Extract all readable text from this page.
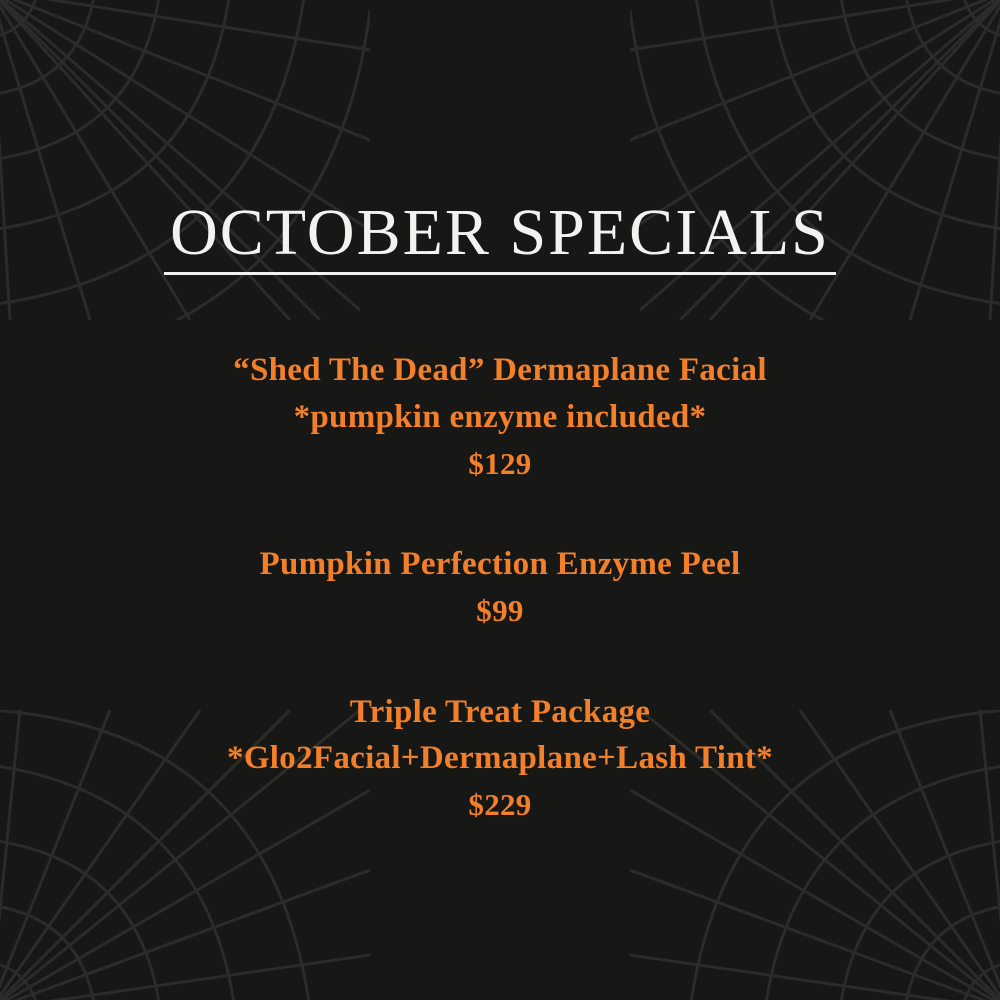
OCTOBER SPECIALS
“Shed The Dead” Dermaplane Facial
*pumpkin enzyme included*
$129
Pumpkin Perfection Enzyme Peel
$99
Triple Treat Package
*Glo2Facial+Dermaplane+Lash Tint*
$229
